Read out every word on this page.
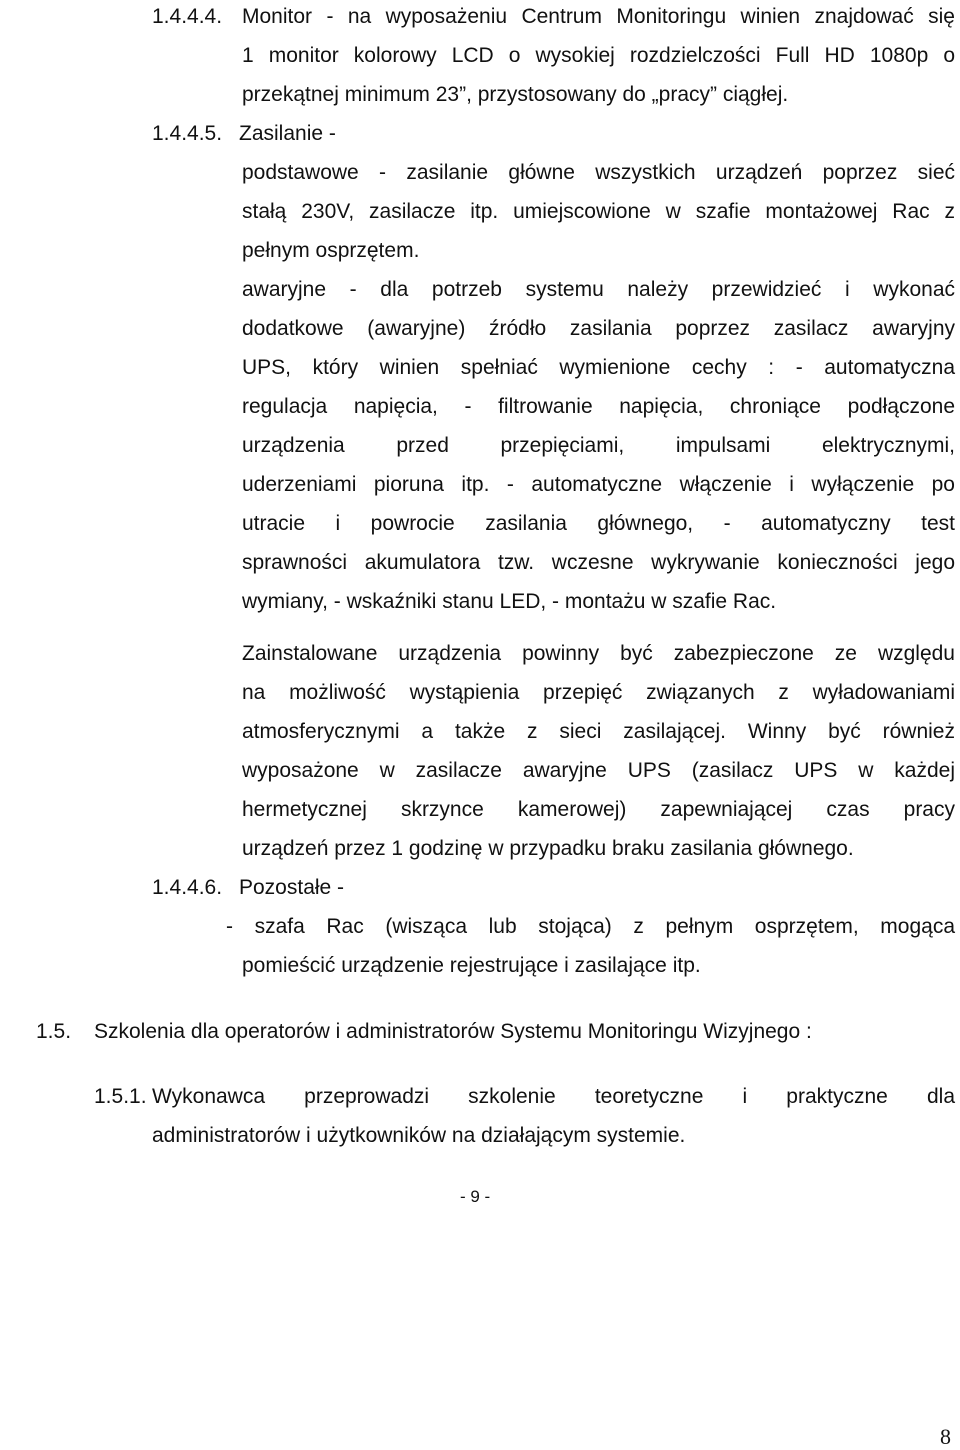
1.4.4.4. Monitor - na wyposażeniu Centrum Monitoringu winien znajdować się
1 monitor kolorowy LCD o wysokiej rozdzielczości Full HD 1080p o
przekątnej minimum 23”, przystosowany do „pracy” ciągłej.
1.4.4.5. Zasilanie -
podstawowe - zasilanie główne wszystkich urządzeń poprzez sieć
stałą 230V, zasilacze itp. umiejscowione w szafie montażowej Rac z
pełnym osprzętem.
awaryjne - dla potrzeb systemu należy przewidzieć i wykonać
dodatkowe (awaryjne) źródło zasilania poprzez zasilacz awaryjny
UPS, który winien spełniać wymienione cechy : - automatyczna
regulacja napięcia, - filtrowanie napięcia, chroniące podłączone
urządzenia przed przepięciami, impulsami elektrycznymi,
uderzeniami pioruna itp. - automatyczne włączenie i wyłączenie po
utracie i powrocie zasilania głównego, - automatyczny test
sprawności akumulatora tzw. wczesne wykrywanie konieczności jego
wymiany, - wskaźniki stanu LED, - montażu w szafie Rac.
Zainstalowane urządzenia powinny być zabezpieczone ze względu
na możliwość wystąpienia przepięć związanych z wyładowaniami
atmosferycznymi a także z sieci zasilającej. Winny być również
wyposażone w zasilacze awaryjne UPS (zasilacz UPS w każdej
hermetycznej skrzynce kamerowej) zapewniającej czas pracy
urządzeń przez 1 godzinę w przypadku braku zasilania głównego.
1.4.4.6. Pozostałe -
- szafa Rac (wisząca lub stojąca) z pełnym osprzętem, mogąca
pomieścić urządzenie rejestrujące i zasilające itp.
1.5. Szkolenia dla operatorów i administratorów Systemu Monitoringu Wizyjnego :
1.5.1. Wykonawca przeprowadzi szkolenie teoretyczne i praktyczne dla
administratorów i użytkowników na działającym systemie.
- 9 -
8
